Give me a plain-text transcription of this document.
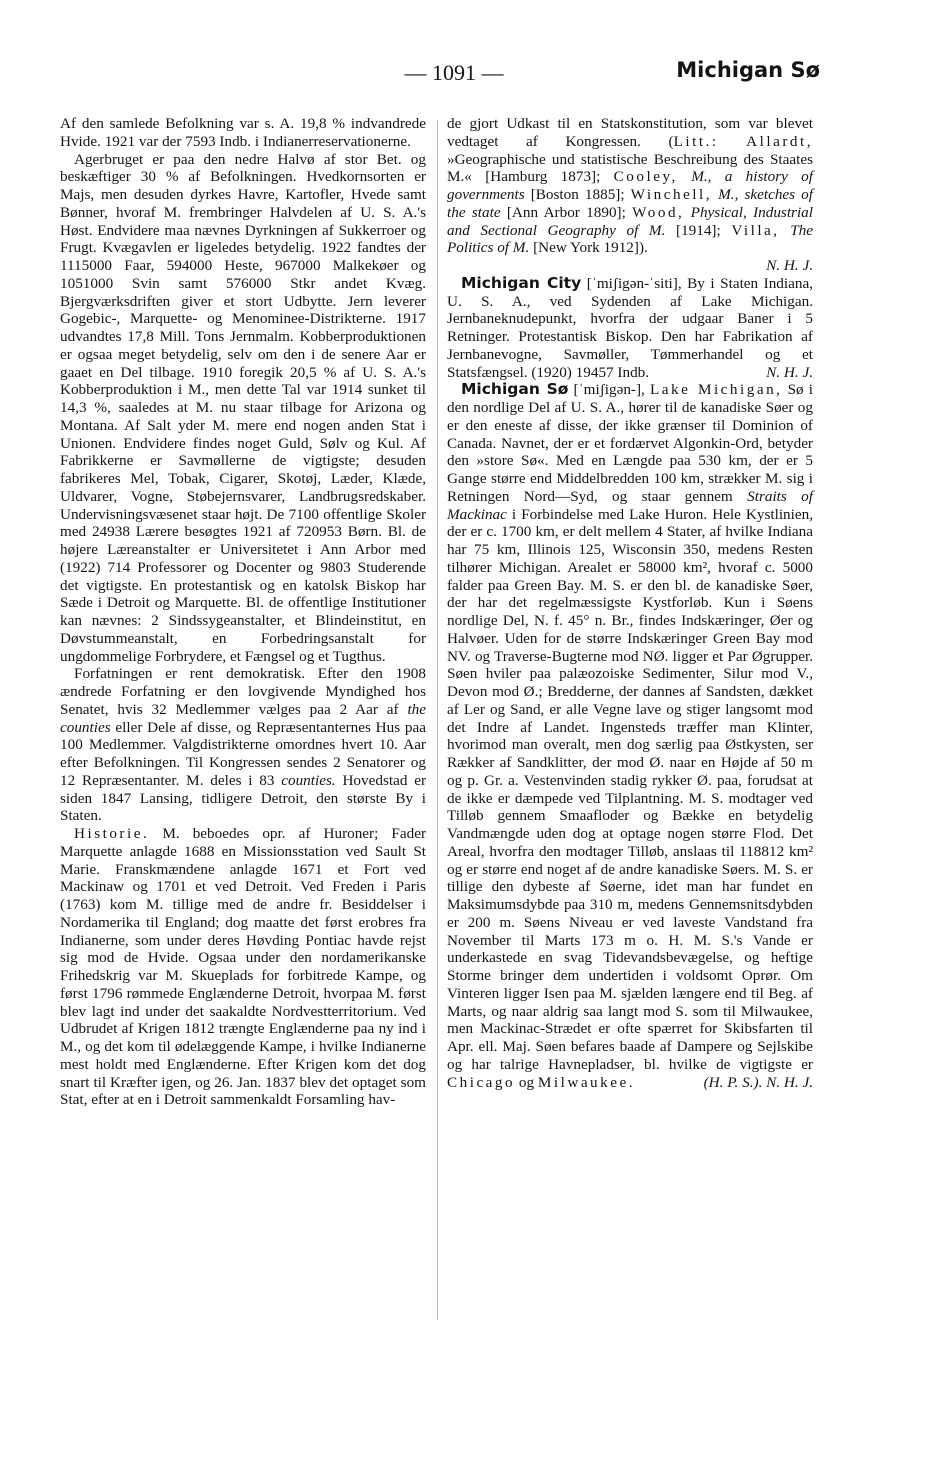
— 1091 —	Michigan Sø

Af den samlede Befolkning var s. A. 19,8 % indvandrede Hvide. 1921 var der 7593 Indb. i Indianerreservationerne.

Agerbruget er paa den nedre Halvø af stor Bet. og beskæftiger 30 % af Befolkningen. Hvedkornsorten er Majs, men desuden dyrkes Havre, Kartofler, Hvede samt Bønner, hvoraf M. frembringer Halvdelen af U. S. A.'s Høst. Endvidere maa nævnes Dyrkningen af Sukkerroer og Frugt. Kvægavlen er ligeledes betydelig. 1922 fandtes der 1115000 Faar, 594000 Heste, 967000 Malkekøer og 1051000 Svin samt 576000 Stkr andet Kvæg. Bjergværksdriften giver et stort Udbytte. Jern leverer Gogebic-, Marquette- og Menominee-Distrikterne. 1917 udvandtes 17,8 Mill. Tons Jernmalm. Kobberproduktionen er ogsaa meget betydelig, selv om den i de senere Aar er gaaet en Del tilbage. 1910 foregik 20,5 % af U. S. A.'s Kobberproduktion i M., men dette Tal var 1914 sunket til 14,3 %, saaledes at M. nu staar tilbage for Arizona og Montana. Af Salt yder M. mere end nogen anden Stat i Unionen. Endvidere findes noget Guld, Sølv og Kul. Af Fabrikkerne er Savmøllerne de vigtigste; desuden fabrikeres Mel, Tobak, Cigarer, Skotøj, Læder, Klæde, Uldvarer, Vogne, Støbejernsvarer, Landbrugsredskaber. Undervisningsvæsenet staar højt. De 7100 offentlige Skoler med 24938 Lærere besøgtes 1921 af 720953 Børn. Bl. de højere Læreanstalter er Universitetet i Ann Arbor med (1922) 714 Professorer og Docenter og 9803 Studerende det vigtigste. En protestantisk og en katolsk Biskop har Sæde i Detroit og Marquette. Bl. de offentlige Institutioner kan nævnes: 2 Sindssygeanstalter, et Blindeinstitut, en Døvstummeanstalt, en Forbedringsanstalt for ungdommelige Forbrydere, et Fængsel og et Tugthus.

Forfatningen er rent demokratisk. Efter den 1908 ændrede Forfatning er den lovgivende Myndighed hos Senatet, hvis 32 Medlemmer vælges paa 2 Aar af the counties eller Dele af disse, og Repræsentanternes Hus paa 100 Medlemmer. Valgdistrikterne omordnes hvert 10. Aar efter Befolkningen. Til Kongressen sendes 2 Senatorer og 12 Repræsentanter. M. deles i 83 counties. Hovedstad er siden 1847 Lansing, tidligere Detroit, den største By i Staten.

Historie. M. beboedes opr. af Huroner; Fader Marquette anlagde 1688 en Missionsstation ved Sault St Marie. Franskmændene anlagde 1671 et Fort ved Mackinaw og 1701 et ved Detroit. Ved Freden i Paris (1763) kom M. tillige med de andre fr. Besiddelser i Nordamerika til England; dog maatte det først erobres fra Indianerne, som under deres Høvding Pontiac havde rejst sig mod de Hvide. Ogsaa under den nordamerikanske Frihedskrig var M. Skueplads for forbitrede Kampe, og først 1796 rømmede Englænderne Detroit, hvorpaa M. først blev lagt ind under det saakaldte Nordvestterritorium. Ved Udbrudet af Krigen 1812 trængte Englænderne paa ny ind i M., og det kom til ødelæggende Kampe, i hvilke Indianerne mest holdt med Englænderne. Efter Krigen kom det dog snart til Kræfter igen, og 26. Jan. 1837 blev det optaget som Stat, efter at en i Detroit sammenkaldt Forsamling hav-

de gjort Udkast til en Statskonstitution, som var blevet vedtaget af Kongressen. (Litt.: Allardt, »Geographische und statistische Beschreibung des Staates M.« [Hamburg 1873]; Cooley, M., a history of governments [Boston 1885]; Winchell, M., sketches of the state [Ann Arbor 1890]; Wood, Physical, Industrial and Sectional Geography of M. [1914]; Villa, The Politics of M. [New York 1912]).
N. H. J.

Michigan City [ˈmiʃigən-ˈsiti], By i Staten Indiana, U. S. A., ved Sydenden af Lake Michigan. Jernbaneknudepunkt, hvorfra der udgaar Baner i 5 Retninger. Protestantisk Biskop. Den har Fabrikation af Jernbanevogne, Savmøller, Tømmerhandel og et Statsfængsel. (1920) 19457 Indb.	N. H. J.

Michigan Sø [ˈmiʃigən-], Lake Michigan, Sø i den nordlige Del af U. S. A., hører til de kanadiske Søer og er den eneste af disse, der ikke grænser til Dominion of Canada. Navnet, der er et fordærvet Algonkin-Ord, betyder den »store Sø«. Med en Længde paa 530 km, der er 5 Gange større end Middelbredden 100 km, strækker M. sig i Retningen Nord—Syd, og staar gennem Straits of Mackinac i Forbindelse med Lake Huron. Hele Kystlinien, der er c. 1700 km, er delt mellem 4 Stater, af hvilke Indiana har 75 km, Illinois 125, Wisconsin 350, medens Resten tilhører Michigan. Arealet er 58000 km², hvoraf c. 5000 falder paa Green Bay. M. S. er den bl. de kanadiske Søer, der har det regelmæssigste Kystforløb. Kun i Søens nordlige Del, N. f. 45° n. Br., findes Indskæringer, Øer og Halvøer. Uden for de større Indskæringer Green Bay mod NV. og Traverse-Bugterne mod NØ. ligger et Par Øgrupper. Søen hviler paa palæozoiske Sedimenter, Silur mod V., Devon mod Ø.; Bredderne, der dannes af Sandsten, dækket af Ler og Sand, er alle Vegne lave og stiger langsomt mod det Indre af Landet. Ingensteds træffer man Klinter, hvorimod man overalt, men dog særlig paa Østkysten, ser Rækker af Sandklitter, der mod Ø. naar en Højde af 50 m og p. Gr. a. Vestenvinden stadig rykker Ø. paa, forudsat at de ikke er dæmpede ved Tilplantning. M. S. modtager ved Tilløb gennem Smaafloder og Bække en betydelig Vandmængde uden dog at optage nogen større Flod. Det Areal, hvorfra den modtager Tilløb, anslaas til 118812 km² og er større end noget af de andre kanadiske Søers. M. S. er tillige den dybeste af Søerne, idet man har fundet en Maksimumsdybde paa 310 m, medens Gennemsnitsdybden er 200 m. Søens Niveau er ved laveste Vandstand fra November til Marts 173 m o. H. M. S.'s Vande er underkastede en svag Tidevandsbevægelse, og heftige Storme bringer dem undertiden i voldsomt Oprør. Om Vinteren ligger Isen paa M. sjælden længere end til Beg. af Marts, og naar aldrig saa langt mod S. som til Milwaukee, men Mackinac-Strædet er ofte spærret for Skibsfarten til Apr. ell. Maj. Søen befares baade af Dampere og Sejlskibe og har talrige Havnepladser, bl. hvilke de vigtigste er Chicago og Milwaukee.	(H. P. S.). N. H. J.
